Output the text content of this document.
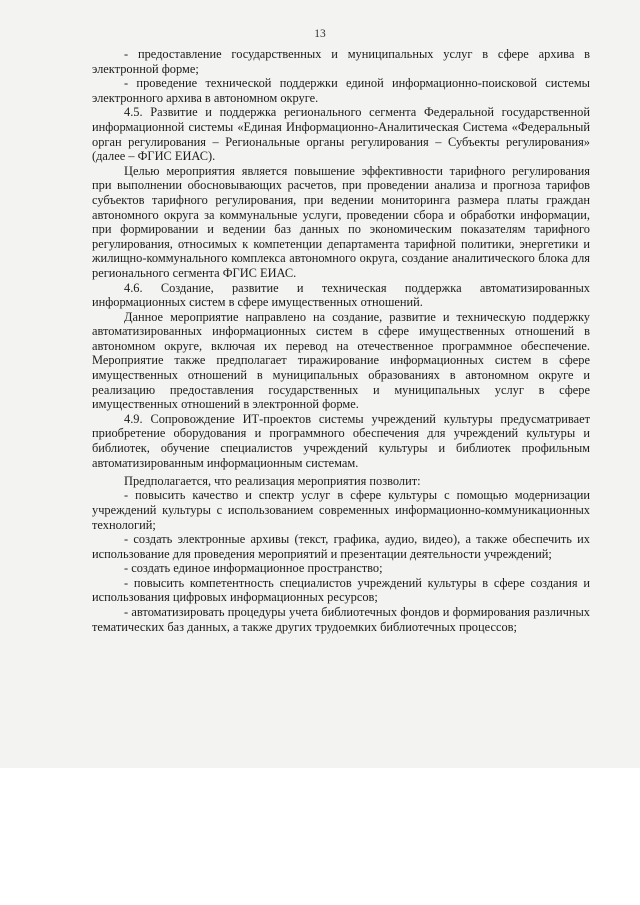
13

- предоставление государственных и муниципальных услуг в сфере архива в электронной форме;

- проведение технической поддержки единой информационно-поисковой системы электронного архива в автономном округе.

4.5. Развитие и поддержка регионального сегмента Федеральной государственной информационной системы «Единая Информационно-Аналитическая Система «Федеральный орган регулирования – Региональные органы регулирования – Субъекты регулирования» (далее – ФГИС ЕИАС).

Целью мероприятия является повышение эффективности тарифного регулирования при выполнении обосновывающих расчетов, при проведении анализа и прогноза тарифов субъектов тарифного регулирования, при ведении мониторинга размера платы граждан автономного округа за коммунальные услуги, проведении сбора и обработки информации, при формировании и ведении баз данных по экономическим показателям тарифного регулирования, относимых к компетенции департамента тарифной политики, энергетики и жилищно-коммунального комплекса автономного округа, создание аналитического блока для регионального сегмента ФГИС ЕИАС.

4.6. Создание, развитие и техническая поддержка автоматизированных информационных систем в сфере имущественных отношений.

Данное мероприятие направлено на создание, развитие и техническую поддержку автоматизированных информационных систем в сфере имущественных отношений в автономном округе, включая их перевод на отечественное программное обеспечение. Мероприятие также предполагает тиражирование информационных систем в сфере имущественных отношений в муниципальных образованиях в автономном округе и реализацию предоставления государственных и муниципальных услуг в сфере имущественных отношений в электронной форме.

4.9. Сопровождение ИТ-проектов системы учреждений культуры предусматривает приобретение оборудования и программного обеспечения для учреждений культуры и библиотек, обучение специалистов учреждений культуры и библиотек профильным автоматизированным информационным системам.

Предполагается, что реализация мероприятия позволит:

- повысить качество и спектр услуг в сфере культуры с помощью модернизации учреждений культуры с использованием современных информационно-коммуникационных технологий;

- создать электронные архивы (текст, графика, аудио, видео), а также обеспечить их использование для проведения мероприятий и презентации деятельности учреждений;

- создать единое информационное пространство;

- повысить компетентность специалистов учреждений культуры в сфере создания и использования цифровых информационных ресурсов;

- автоматизировать процедуры учета библиотечных фондов и формирования различных тематических баз данных, а также других трудоемких библиотечных процессов;
